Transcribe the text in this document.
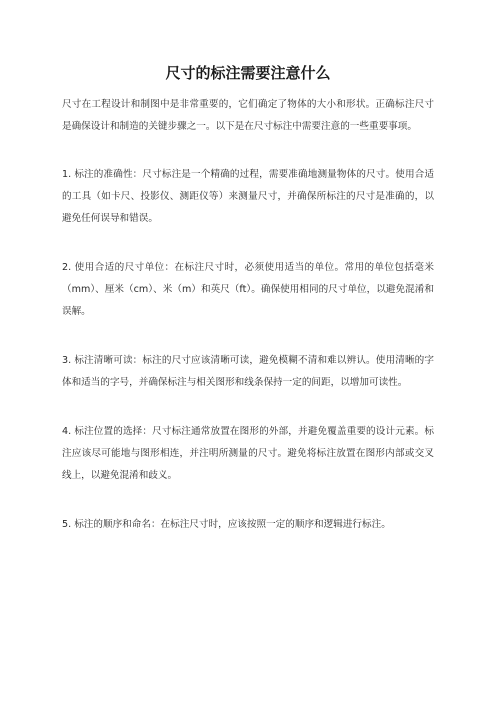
尺寸的标注需要注意什么

尺寸在工程设计和制图中是非常重要的，它们确定了物体的大小和形状。正确标注尺寸是确保设计和制造的关键步骤之一。以下是在尺寸标注中需要注意的一些重要事项。

1. 标注的准确性：尺寸标注是一个精确的过程，需要准确地测量物体的尺寸。使用合适的工具（如卡尺、投影仪、测距仪等）来测量尺寸，并确保所标注的尺寸是准确的，以避免任何误导和错误。

2. 使用合适的尺寸单位：在标注尺寸时，必须使用适当的单位。常用的单位包括毫米（mm）、厘米（cm）、米（m）和英尺（ft）。确保使用相同的尺寸单位，以避免混淆和误解。

3. 标注清晰可读：标注的尺寸应该清晰可读，避免模糊不清和难以辨认。使用清晰的字体和适当的字号，并确保标注与相关图形和线条保持一定的间距，以增加可读性。

4. 标注位置的选择：尺寸标注通常放置在图形的外部，并避免覆盖重要的设计元素。标注应该尽可能地与图形相连，并注明所测量的尺寸。避免将标注放置在图形内部或交叉线上，以避免混淆和歧义。

5. 标注的顺序和命名：在标注尺寸时，应该按照一定的顺序和逻辑进行标注。
